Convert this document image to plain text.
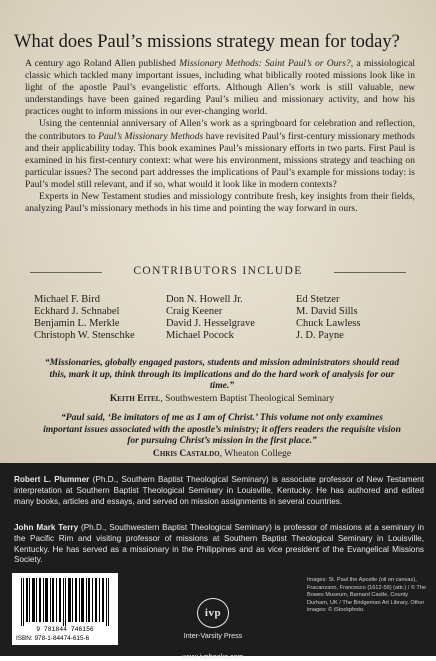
What does Paul’s missions strategy mean for today?

A century ago Roland Allen published Missionary Methods: Saint Paul’s or Ours?, a missiological classic which tackled many important issues, including what biblically rooted missions look like in light of the apostle Paul’s evangelistic efforts. Although Allen’s work is still valuable, new understandings have been gained regarding Paul’s milieu and missionary activity, and how his practices ought to inform missions in our ever-changing world.

Using the centennial anniversary of Allen’s work as a springboard for celebration and reflection, the contributors to Paul’s Missionary Methods have revisited Paul’s first-century missionary methods and their applicability today. This book examines Paul’s missionary efforts in two parts. First Paul is examined in his first-century context: what were his environment, missions strategy and teaching on particular issues? The second part addresses the implications of Paul’s example for missions today: is Paul’s model still relevant, and if so, what would it look like in modern contexts?

Experts in New Testament studies and missiology contribute fresh, key insights from their fields, analyzing Paul’s missionary methods in his time and pointing the way forward in ours.

CONTRIBUTORS INCLUDE
Michael F. Bird	Don N. Howell Jr.	Ed Stetzer
Eckhard J. Schnabel	Craig Keener	M. David Sills
Benjamin L. Merkle	David J. Hesselgrave	Chuck Lawless
Christoph W. Stenschke	Michael Pocock	J. D. Payne
“Missionaries, globally engaged pastors, students and mission administrators should read this, mark it up, think through its implications and do the hard work of analysis for our time.”
Keith Eitel, Southwestern Baptist Theological Seminary
“Paul said, ‘Be imitators of me as I am of Christ.’ This volume not only examines important issues associated with the apostle’s ministry; it offers readers the requisite vision for pursuing Christ’s mission in the first place.”
Chris Castaldo, Wheaton College
Robert L. Plummer (Ph.D., Southern Baptist Theological Seminary) is associate professor of New Testament interpretation at Southern Baptist Theological Seminary in Louisville, Kentucky. He has authored and edited many books, articles and essays, and served on mission assignments in several countries.
John Mark Terry (Ph.D., Southwestern Baptist Theological Seminary) is professor of missions at a seminary in the Pacific Rim and visiting professor of missions at Southern Baptist Theological Seminary in Louisville, Kentucky. He has served as a missionary in the Philippines and as vice president of the Evangelical Missions Society.
9 781844 746156
ISBN: 978-1-84474-615-6
ivp
Inter-Varsity Press
www.ivpbooks.com
Images: St. Paul the Apostle (oil on canvas), Fracanzano, Francesco (1612-56) (attr.) / © The Bowes Museum, Barnard Castle, County Durham, UK / The Bridgeman Art Library. Other images: © iStockphoto.
